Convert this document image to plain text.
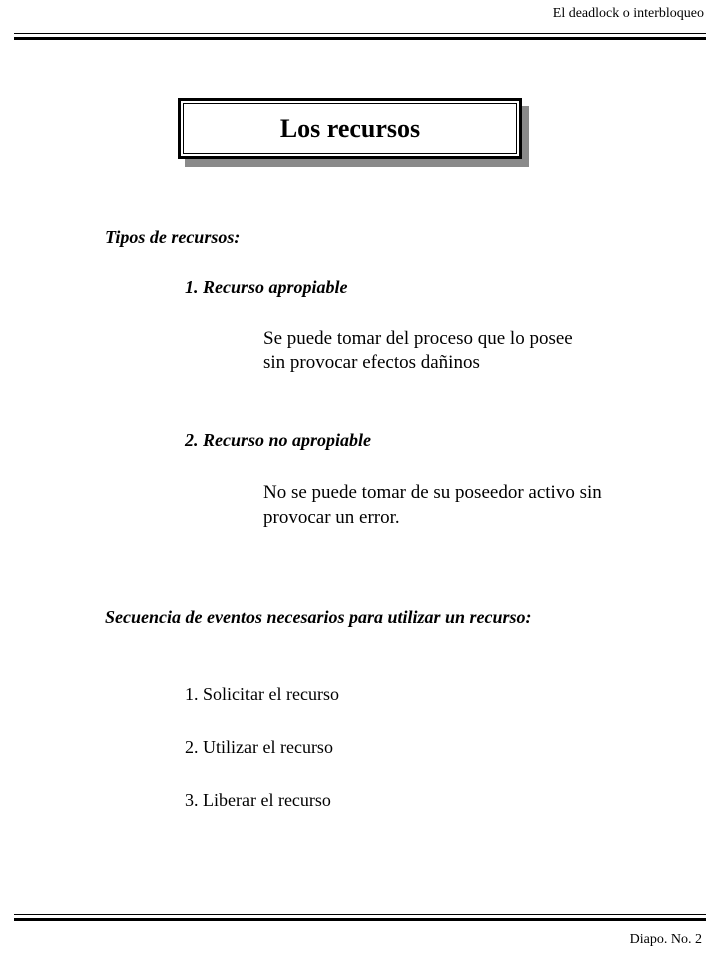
El deadlock o interbloqueo
Los recursos
Tipos de recursos:
1. Recurso apropiable
Se puede tomar del proceso que lo posee
sin provocar efectos dañinos
2. Recurso no apropiable
No se puede tomar de su poseedor activo sin
provocar un error.
Secuencia de eventos necesarios para utilizar un recurso:
1. Solicitar el recurso
2. Utilizar el recurso
3. Liberar el recurso
Diapo. No. 2
